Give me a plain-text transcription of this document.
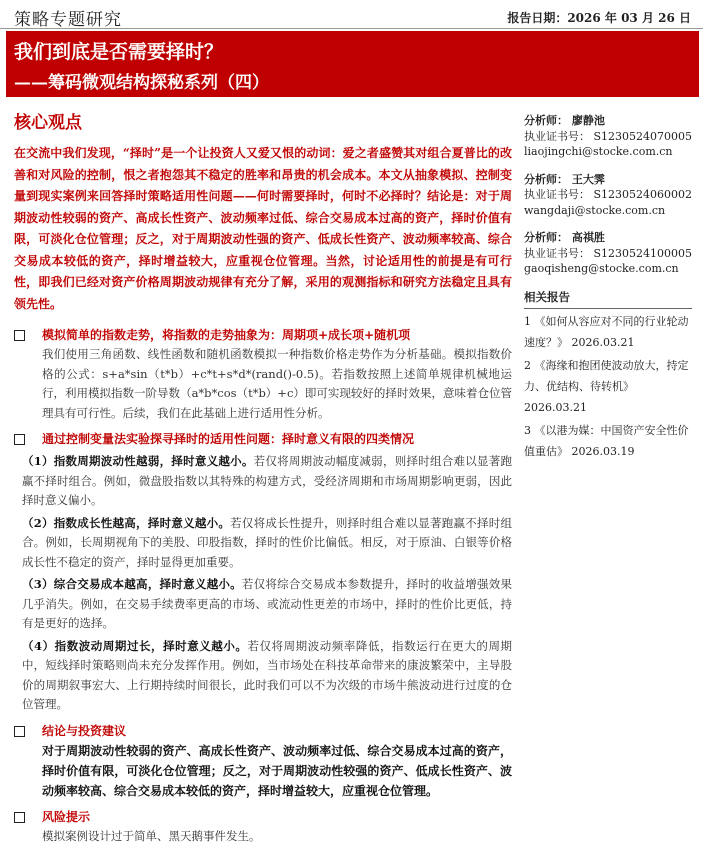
策略专题研究	报告日期：2026 年 03 月 26 日
我们到底是否需要择时？
——筹码微观结构探秘系列（四）
核心观点

在交流中我们发现，“择时”是一个让投资人又爱又恨的动词：爱之者盛赞其对组合夏普比的改善和对风险的控制，恨之者抱怨其不稳定的胜率和昂贵的机会成本。本文从抽象模拟、控制变量到现实案例来回答择时策略适用性问题——何时需要择时，何时不必择时？结论是：对于周期波动性较弱的资产、高成长性资产、波动频率过低、综合交易成本过高的资产，择时价值有限，可淡化仓位管理；反之，对于周期波动性强的资产、低成长性资产、波动频率较高、综合交易成本较低的资产，择时增益较大，应重视仓位管理。当然，讨论适用性的前提是有可行性，即我们已经对资产价格周期波动规律有充分了解，采用的观测指标和研究方法稳定且具有领先性。

模拟简单的指数走势，将指数的走势抽象为：周期项+成长项+随机项

我们使用三角函数、线性函数和随机函数模拟一种指数价格走势作为分析基础。模拟指数价格的公式：s+a*sin（t*b）+c*t+s*d*(rand()-0.5)。若指数按照上述简单规律机械地运行，利用模拟指数一阶导数（a*b*cos（t*b）+c）即可实现较好的择时效果，意味着仓位管理具有可行性。后续，我们在此基础上进行适用性分析。

通过控制变量法实验探寻择时的适用性问题：择时意义有限的四类情况
（1）指数周期波动性越弱，择时意义越小。若仅将周期波动幅度减弱，则择时组合难以显著跑赢不择时组合。例如，微盘股指数以其特殊的构建方式，受经济周期和市场周期影响更弱，因此择时意义偏小。
（2）指数成长性越高，择时意义越小。若仅将成长性提升，则择时组合难以显著跑赢不择时组合。例如，长周期视角下的美股、印股指数，择时的性价比偏低。相反，对于原油、白银等价格成长性不稳定的资产，择时显得更加重要。
（3）综合交易成本越高，择时意义越小。若仅将综合交易成本参数提升，择时的收益增强效果几乎消失。例如，在交易手续费率更高的市场、或流动性更差的市场中，择时的性价比更低，持有是更好的选择。
（4）指数波动周期过长，择时意义越小。若仅将周期波动频率降低，指数运行在更大的周期中，短线择时策略则尚未充分发挥作用。例如，当市场处在科技革命带来的康波繁荣中，主导股价的周期叙事宏大、上行期持续时间很长，此时我们可以不为次级的市场牛熊波动进行过度的仓位管理。
结论与投资建议
对于周期波动性较弱的资产、高成长性资产、波动频率过低、综合交易成本过高的资产，择时价值有限，可淡化仓位管理；反之，对于周期波动性较强的资产、低成长性资产、波动频率较高、综合交易成本较低的资产，择时增益较大，应重视仓位管理。
风险提示

模拟案例设计过于简单、黑天鹅事件发生。

分析师： 廖静池
执业证书号： S1230524070005
liaojingchi@stocke.com.cn
分析师： 王大霁
执业证书号： S1230524060002
wangdaji@stocke.com.cn
分析师： 高祺胜
执业证书号： S1230524100005
gaoqisheng@stocke.com.cn
相关报告
1 《如何从容应对不同的行业轮动速度？》 2026.03.21
2 《海缘和抱团使波动放大，持定力、优结构、待转机》 2026.03.21
3 《以港为媒：中国资产安全性价值重估》 2026.03.19
